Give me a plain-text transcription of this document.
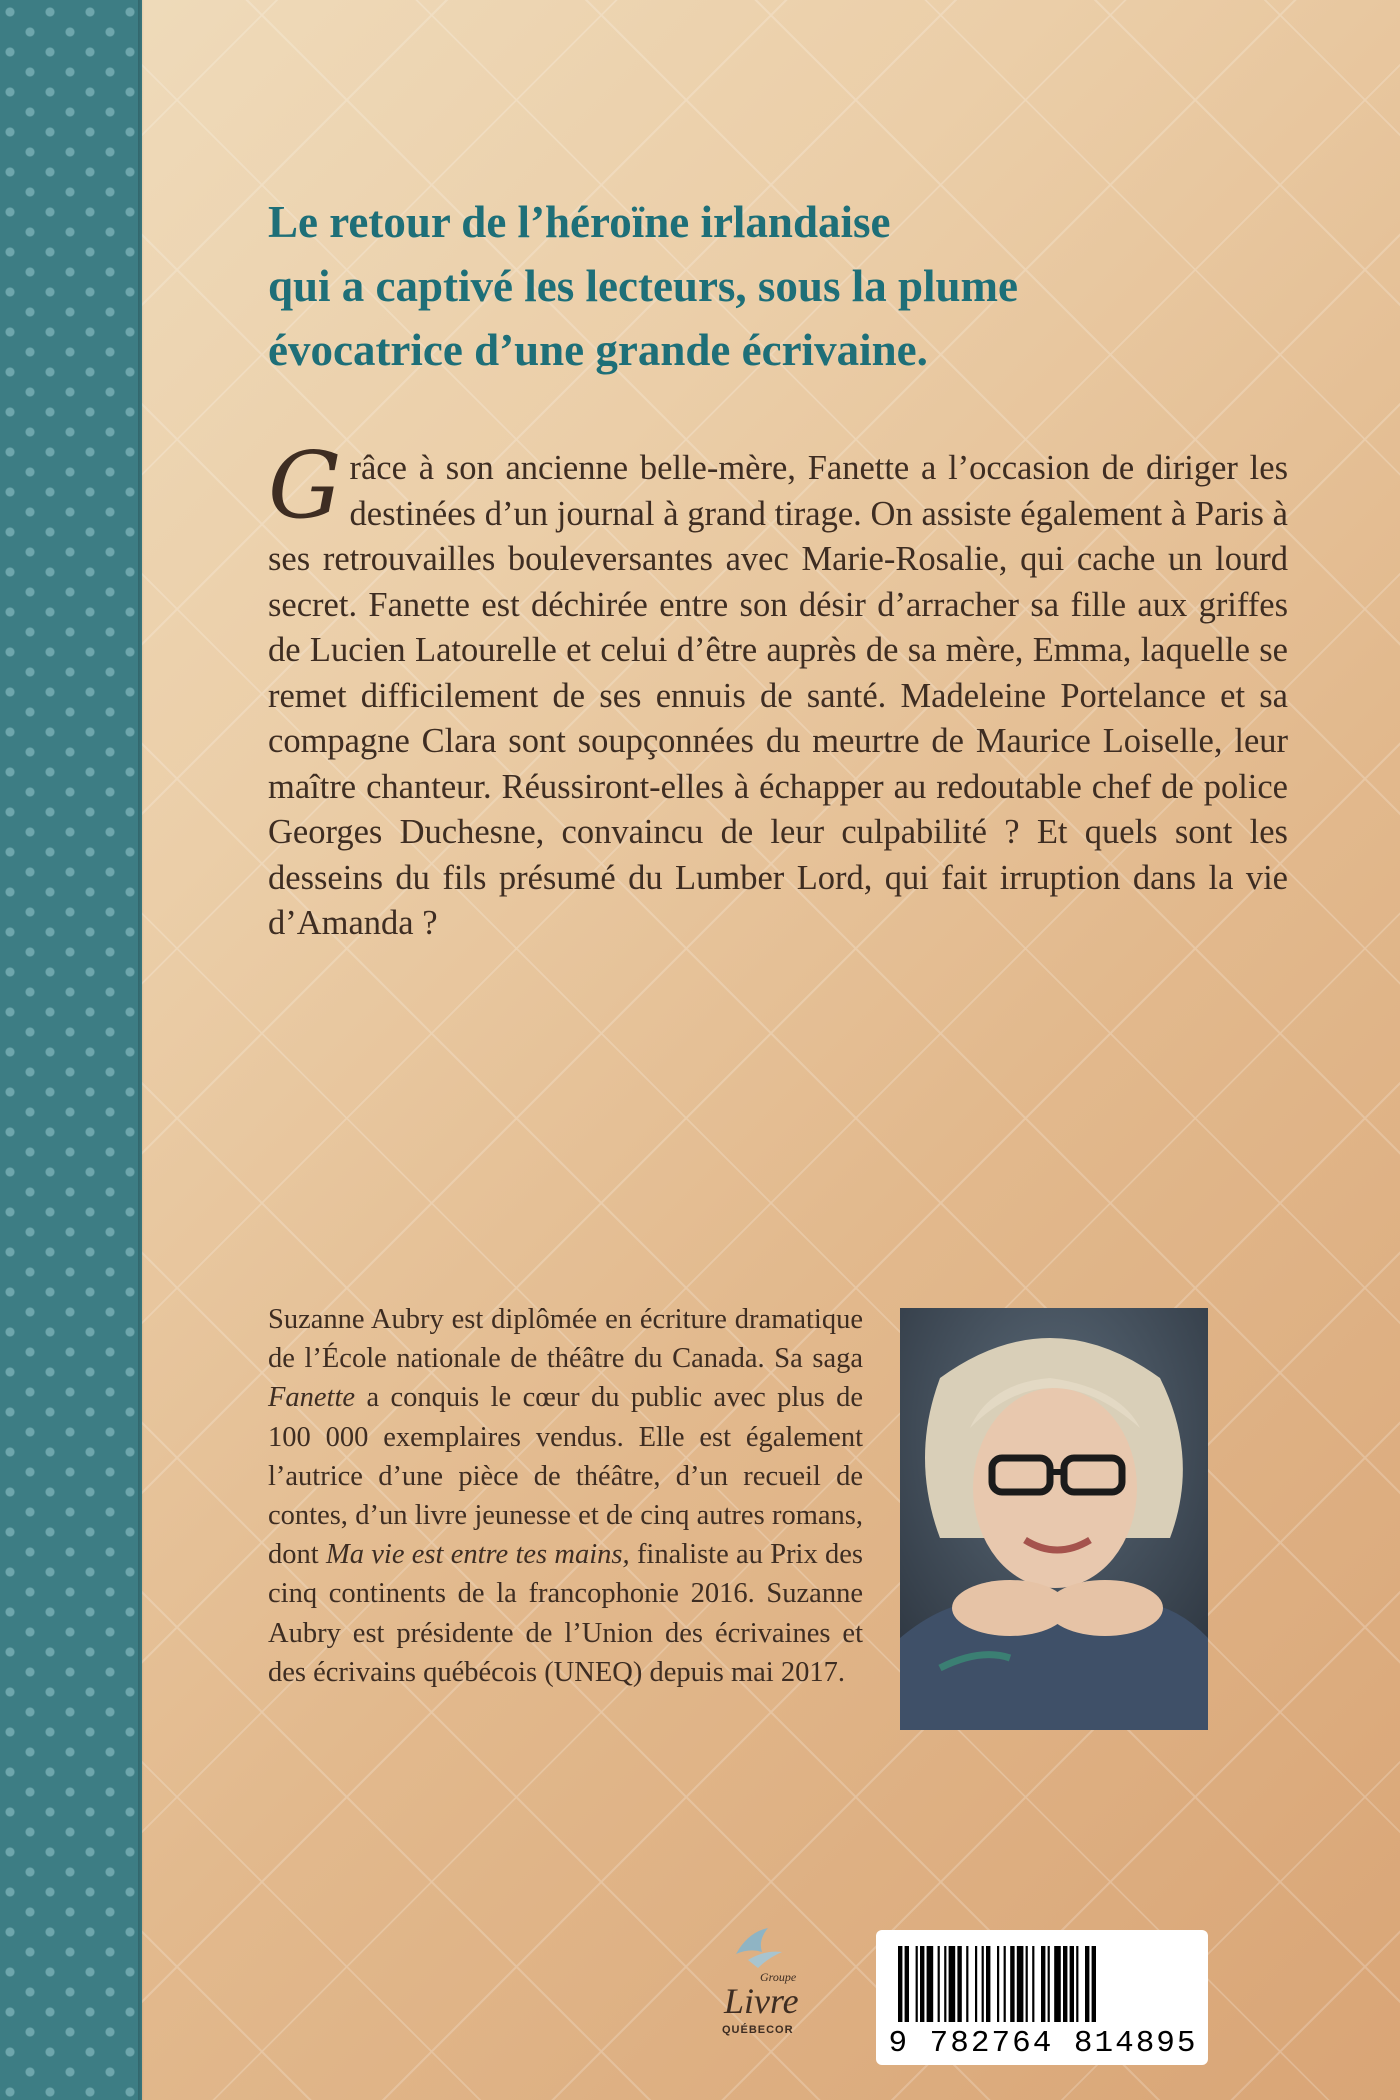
Le retour de l’héroïne irlandaise
qui a captivé les lecteurs, sous la plume
évocatrice d’une grande écrivaine.

Grâce à son ancienne belle-mère, Fanette a l’occasion de diriger les destinées d’un journal à grand tirage. On assiste également à Paris à ses retrouvailles bouleversantes avec Marie-Rosalie, qui cache un lourd secret. Fanette est déchirée entre son désir d’arracher sa fille aux griffes de Lucien Latourelle et celui d’être auprès de sa mère, Emma, laquelle se remet difficilement de ses ennuis de santé. Madeleine Portelance et sa compagne Clara sont soupçonnées du meurtre de Maurice Loiselle, leur maître chanteur. Réussiront-elles à échapper au redoutable chef de police Georges Duchesne, convaincu de leur culpabilité ? Et quels sont les desseins du fils présumé du Lumber Lord, qui fait irruption dans la vie d’Amanda ?

Suzanne Aubry est diplômée en écriture dramatique de l’École nationale de théâtre du Canada. Sa saga Fanette a conquis le cœur du public avec plus de 100 000 exemplaires vendus. Elle est également l’autrice d’une pièce de théâtre, d’un recueil de contes, d’un livre jeunesse et de cinq autres romans, dont Ma vie est entre tes mains, finaliste au Prix des cinq continents de la francophonie 2016. Suzanne Aubry est présidente de l’Union des écrivaines et des écrivains québécois (UNEQ) depuis mai 2017.

Groupe
Livre
QUÉBECOR	9 782764 814895
